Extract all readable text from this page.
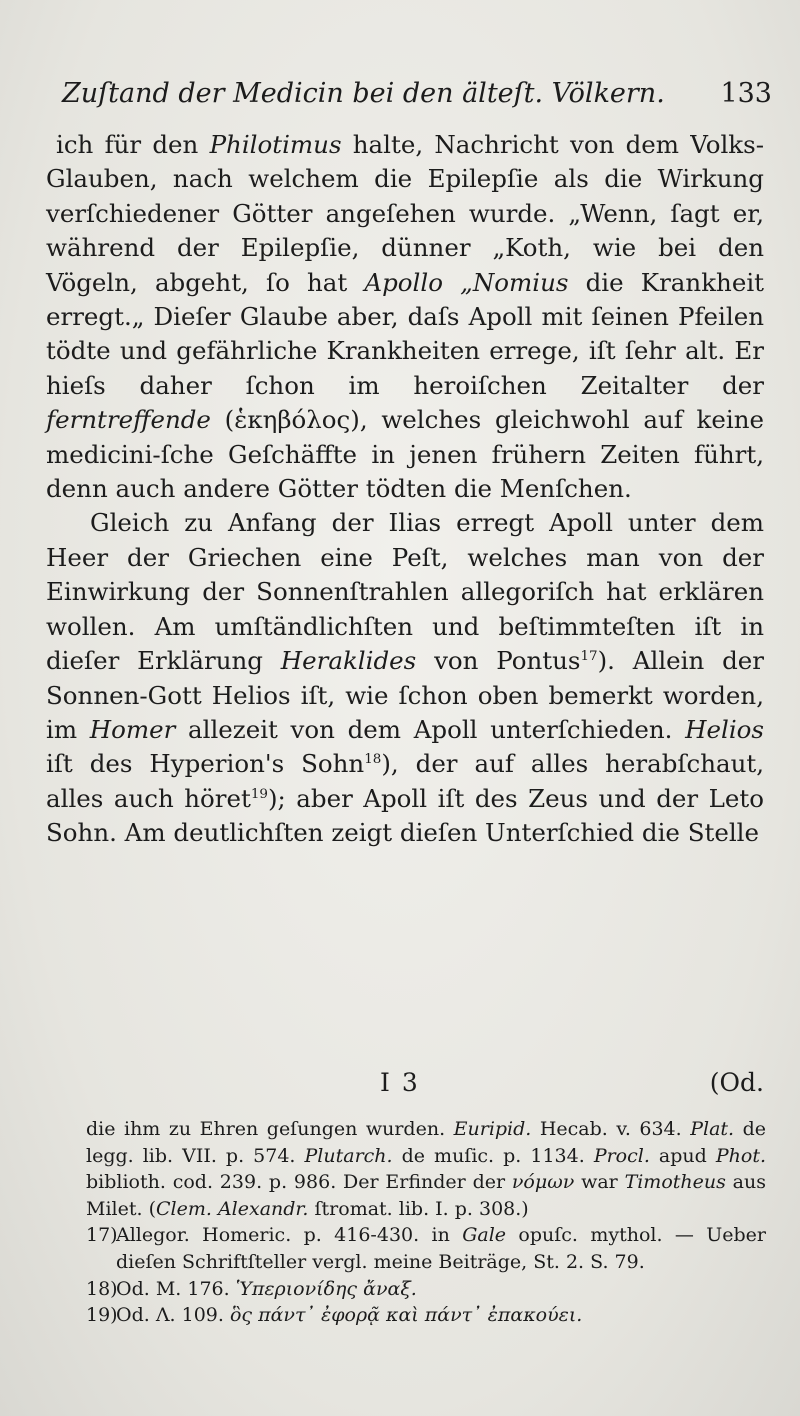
Zuſtand der Medicin bei den älteſt. Völkern. 133

ich für den Philotimus halte, Nachricht von dem Volks-Glauben, nach welchem die Epilepſie als die Wirkung verſchiedener Götter angeſehen wurde. „Wenn, ſagt er, während der Epilepſie, dünner „Koth, wie bei den Vögeln, abgeht, ſo hat Apollo „Nomius die Krankheit erregt.„ Dieſer Glaube aber, daſs Apoll mit ſeinen Pfeilen tödte und gefährliche Krankheiten errege, iſt ſehr alt. Er hieſs daher ſchon im heroiſchen Zeitalter der ferntreffende (ἑκηβόλος), welches gleichwohl auf keine medicini-ſche Geſchäffte in jenen frühern Zeiten führt, denn auch andere Götter tödten die Menſchen.

Gleich zu Anfang der Ilias erregt Apoll unter dem Heer der Griechen eine Peſt, welches man von der Einwirkung der Sonnenſtrahlen allegoriſch hat erklären wollen. Am umſtändlichſten und beſtimmteſten iſt in dieſer Erklärung Heraklides von Pontus$^{17}$). Allein der Sonnen-Gott Helios iſt, wie ſchon oben bemerkt worden, im Homer allezeit von dem Apoll unterſchieden. Helios iſt des Hyperion's Sohn$^{18}$), der auf alles herabſchaut, alles auch höret$^{19}$); aber Apoll iſt des Zeus und der Leto Sohn. Am deutlichſten zeigt dieſen Unterſchied die Stelle

I 3	(Od.

die ihm zu Ehren geſungen wurden. Euripid. Hecab. v. 634. Plat. de legg. lib. VII. p. 574. Plutarch. de muſic. p. 1134. Procl. apud Phot. biblioth. cod. 239. p. 986. Der Erfinder der νόμων war Timotheus aus Milet. (Clem. Alexandr. ſtromat. lib. I. p. 308.)

17)
Allegor. Homeric. p. 416-430. in Gale opuſc. mythol. — Ueber dieſen Schriftſteller vergl. meine Beiträge, St. 2. S. 79.
18)
Od. M. 176. Ὑπεριονίδης ἄναξ.
19)
Od. Λ. 109. ὃς πάντ᾽ ἐφορᾷ καὶ πάντ᾽ ἐπακούει.
